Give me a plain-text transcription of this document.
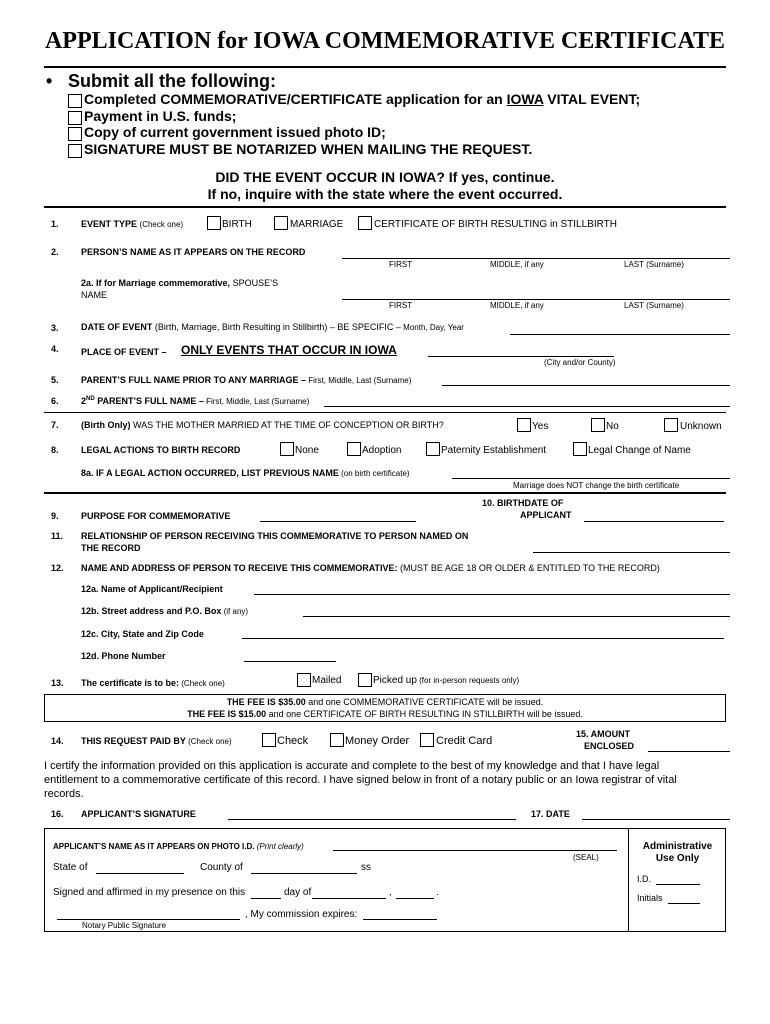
APPLICATION for IOWA COMMEMORATIVE CERTIFICATE
• Submit all the following:
Completed COMMEMORATIVE/CERTIFICATE application for an IOWA VITAL EVENT;
Payment in U.S. funds;
Copy of current government issued photo ID;
SIGNATURE MUST BE NOTARIZED WHEN MAILING THE REQUEST.
DID THE EVENT OCCUR IN IOWA? If yes, continue.
If no, inquire with the state where the event occurred.
1. EVENT TYPE (Check one)	BIRTH	MARRIAGE	CERTIFICATE OF BIRTH RESULTING in STILLBIRTH
2. PERSON’S NAME AS IT APPEARS ON THE RECORD
FIRST	MIDDLE, if any	LAST (Surname)
2a. If for Marriage commemorative, SPOUSE’S
NAME
FIRST	MIDDLE, if any	LAST (Surname)
3. DATE OF EVENT (Birth, Marriage, Birth Resulting in Stillbirth) – BE SPECIFIC – Month, Day, Year
4. PLACE OF EVENT – ONLY EVENTS THAT OCCUR IN IOWA
(City and/or County)
5. PARENT’S FULL NAME PRIOR TO ANY MARRIAGE – First, Middle, Last (Surname)
6. 2ND PARENT’S FULL NAME – First, Middle, Last (Surname)
7. (Birth Only) WAS THE MOTHER MARRIED AT THE TIME OF CONCEPTION OR BIRTH?	Yes	No	Unknown
8. LEGAL ACTIONS TO BIRTH RECORD	None	Adoption	Paternity Establishment	Legal Change of Name
8a. IF A LEGAL ACTION OCCURRED, LIST PREVIOUS NAME (on birth certificate)
Marriage does NOT change the birth certificate
9. PURPOSE FOR COMMEMORATIVE
10. BIRTHDATE OF
APPLICANT
11. RELATIONSHIP OF PERSON RECEIVING THIS COMMEMORATIVE TO PERSON NAMED ON
THE RECORD
12. NAME AND ADDRESS OF PERSON TO RECEIVE THIS COMMEMORATIVE: (MUST BE AGE 18 OR OLDER & ENTITLED TO THE RECORD)
12a. Name of Applicant/Recipient
12b. Street address and P.O. Box (if any)
12c. City, State and Zip Code
12d. Phone Number
13. The certificate is to be: (Check one)	Mailed	Picked up (for in-person requests only)
THE FEE IS $35.00 and one COMMEMORATIVE CERTIFICATE will be issued.
THE FEE IS $15.00 and one CERTIFICATE OF BIRTH RESULTING IN STILLBIRTH will be issued.
14. THIS REQUEST PAID BY (Check one)	Check	Money Order Credit Card
15. AMOUNT
ENCLOSED
I certify the information provided on this application is accurate and complete to the best of my knowledge and that I have legal
entitlement to a commemorative certificate of this record. I have signed below in front of a notary public or an Iowa registrar of vital
records.
16. APPLICANT’S SIGNATURE	17. DATE
APPLICANT’S NAME AS IT APPEARS ON PHOTO I.D. (Print clearly)
(SEAL)
State of	County of	ss
Signed and affirmed in my presence on this	day of	,	.
, My commission expires:
Notary Public Signature
Administrative
Use Only
I.D.
Initials
